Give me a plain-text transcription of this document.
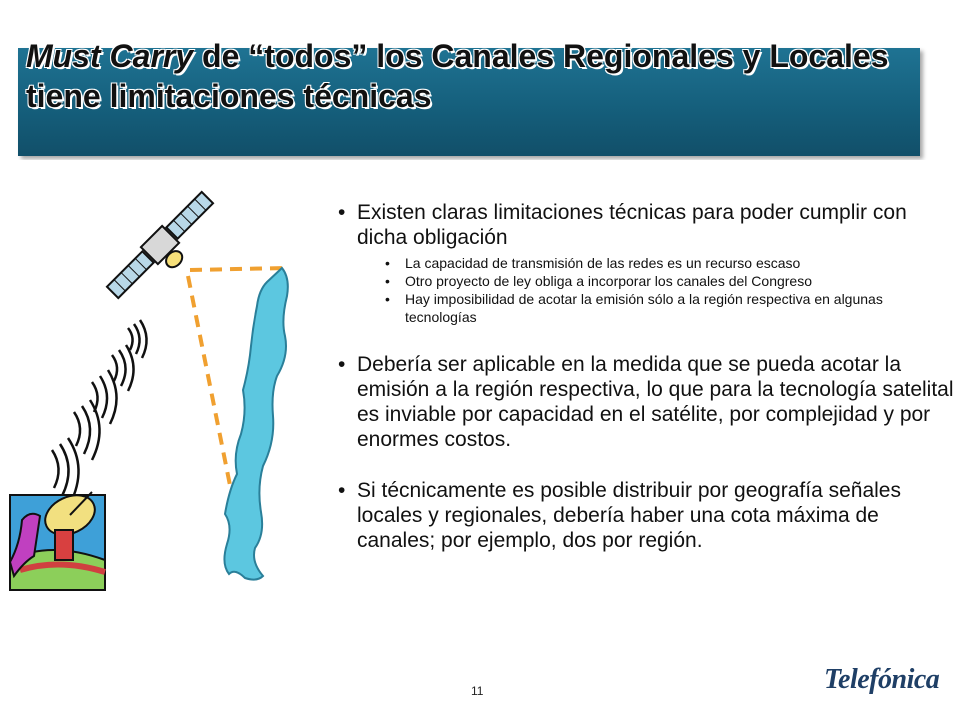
Must Carry de “todos” los Canales Regionales y Locales tiene limitaciones técnicas
• Existen claras limitaciones técnicas para poder cumplir con dicha obligación
• La capacidad de transmisión de las redes es un recurso escaso
• Otro proyecto de ley obliga a incorporar los canales del Congreso
• Hay imposibilidad de acotar la emisión sólo a la región respectiva en algunas tecnologías
• Debería ser aplicable en la medida que se pueda acotar la emisión a la región respectiva, lo que para la tecnología satelital es inviable por capacidad en el satélite, por complejidad y por enormes costos.
• Si técnicamente es posible distribuir por geografía señales locales y regionales, debería haber una cota máxima de canales; por ejemplo, dos por región.
11	Telefónica
